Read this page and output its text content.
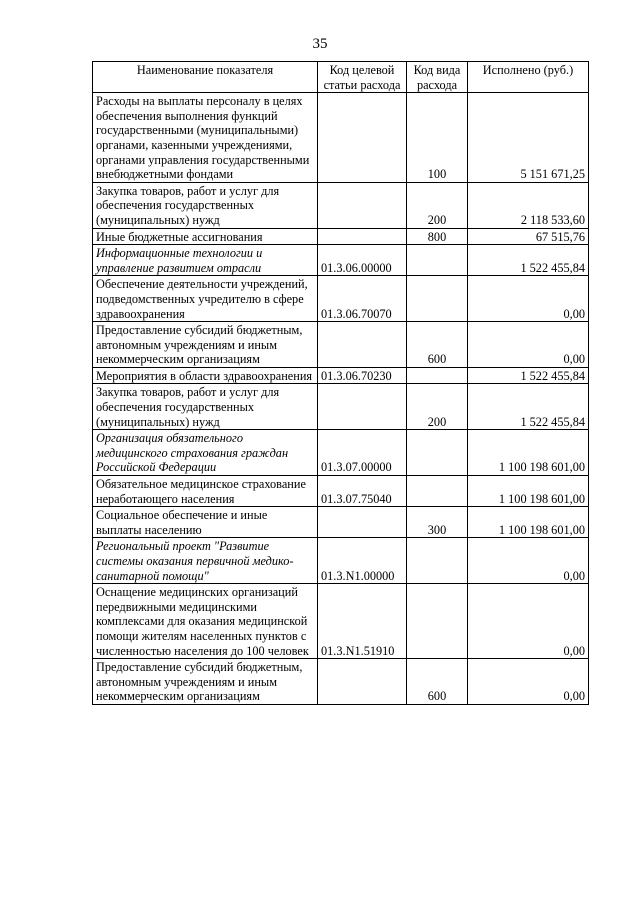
35
Наименование показателя	Код целевой статьи расхода	Код вида расхода	Исполнено (руб.)
Расходы на выплаты персоналу в целях обеспечения выполнения функций государственными (муниципальными) органами, казенными учреждениями, органами управления государственными внебюджетными фондами		100	5 151 671,25
Закупка товаров, работ и услуг для обеспечения государственных (муниципальных) нужд		200	2 118 533,60
Иные бюджетные ассигнования		800	67 515,76
Информационные технологии и управление развитием отрасли	01.3.06.00000		1 522 455,84
Обеспечение деятельности учреждений, подведомственных учредителю в сфере здравоохранения	01.3.06.70070		0,00
Предоставление субсидий бюджетным, автономным учреждениям и иным некоммерческим организациям		600	0,00
Мероприятия в области здравоохранения	01.3.06.70230		1 522 455,84
Закупка товаров, работ и услуг для обеспечения государственных (муниципальных) нужд		200	1 522 455,84
Организация обязательного медицинского страхования граждан Российской Федерации	01.3.07.00000		1 100 198 601,00
Обязательное медицинское страхование неработающего населения	01.3.07.75040		1 100 198 601,00
Социальное обеспечение и иные выплаты населению		300	1 100 198 601,00
Региональный проект "Развитие системы оказания первичной медико-санитарной помощи"	01.3.N1.00000		0,00
Оснащение медицинских организаций передвижными медицинскими комплексами для оказания медицинской помощи жителям населенных пунктов с численностью населения до 100 человек	01.3.N1.51910		0,00
Предоставление субсидий бюджетным, автономным учреждениям и иным некоммерческим организациям		600	0,00
